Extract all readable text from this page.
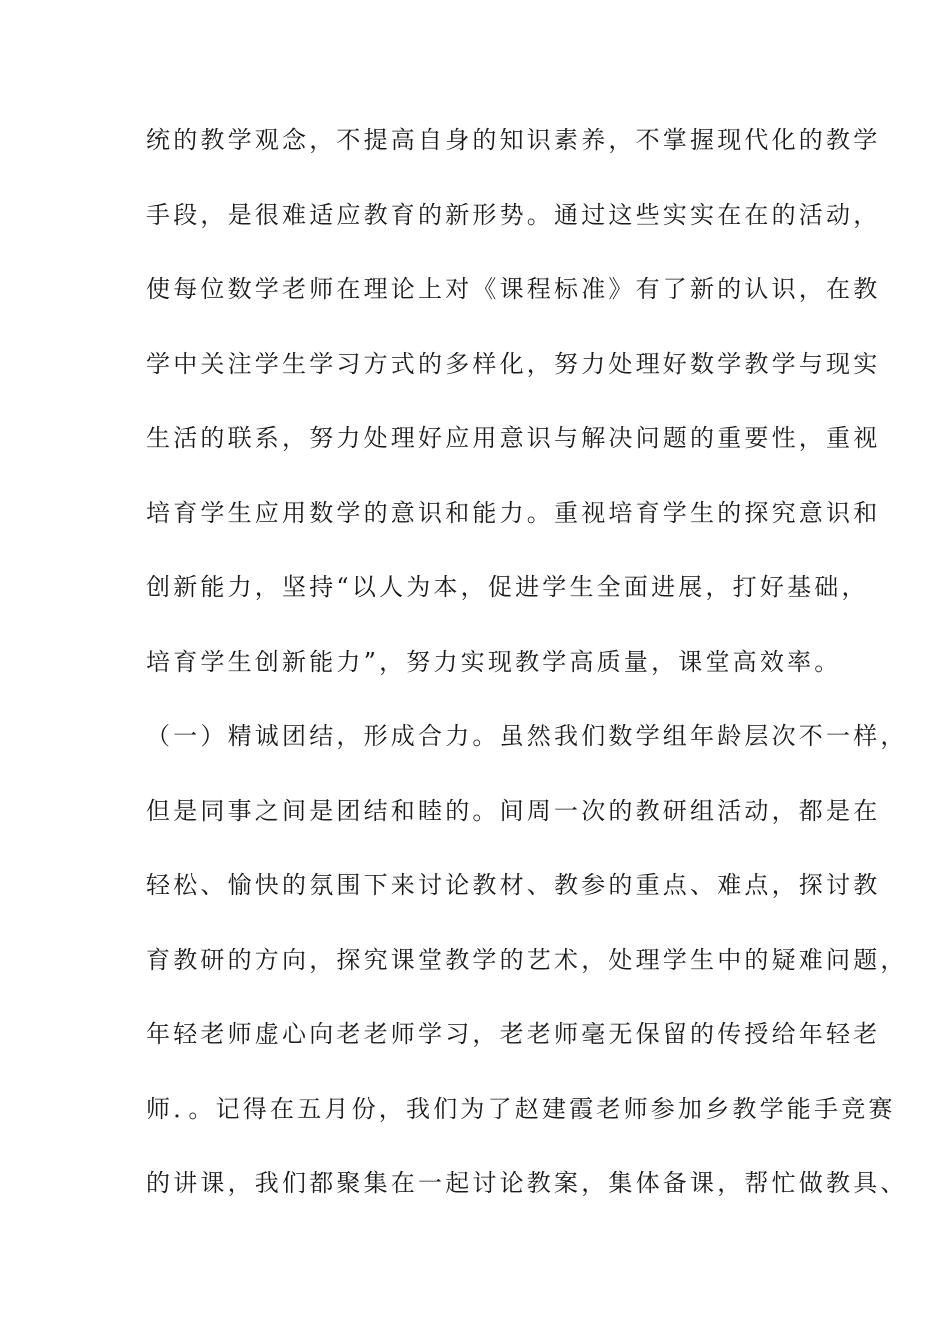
统的教学观念，不提高自身的知识素养，不掌握现代化的教学
手段，是很难适应教育的新形势。通过这些实实在在的活动，
使每位数学老师在理论上对《课程标准》有了新的认识，在教
学中关注学生学习方式的多样化，努力处理好数学教学与现实
生活的联系，努力处理好应用意识与解决问题的重要性，重视
培育学生应用数学的意识和能力。重视培育学生的探究意识和
创新能力，坚持“以人为本，促进学生全面进展，打好基础，
培育学生创新能力”，努力实现教学高质量，课堂高效率。
（一）精诚团结，形成合力。虽然我们数学组年龄层次不一样，
但是同事之间是团结和睦的。间周一次的教研组活动，都是在
轻松、愉快的氛围下来讨论教材、教参的重点、难点，探讨教
育教研的方向，探究课堂教学的艺术，处理学生中的疑难问题，
年轻老师虚心向老老师学习，老老师毫无保留的传授给年轻老
师．。记得在五月份，我们为了赵建霞老师参加乡教学能手竞赛
的讲课，我们都聚集在一起讨论教案，集体备课，帮忙做教具、
